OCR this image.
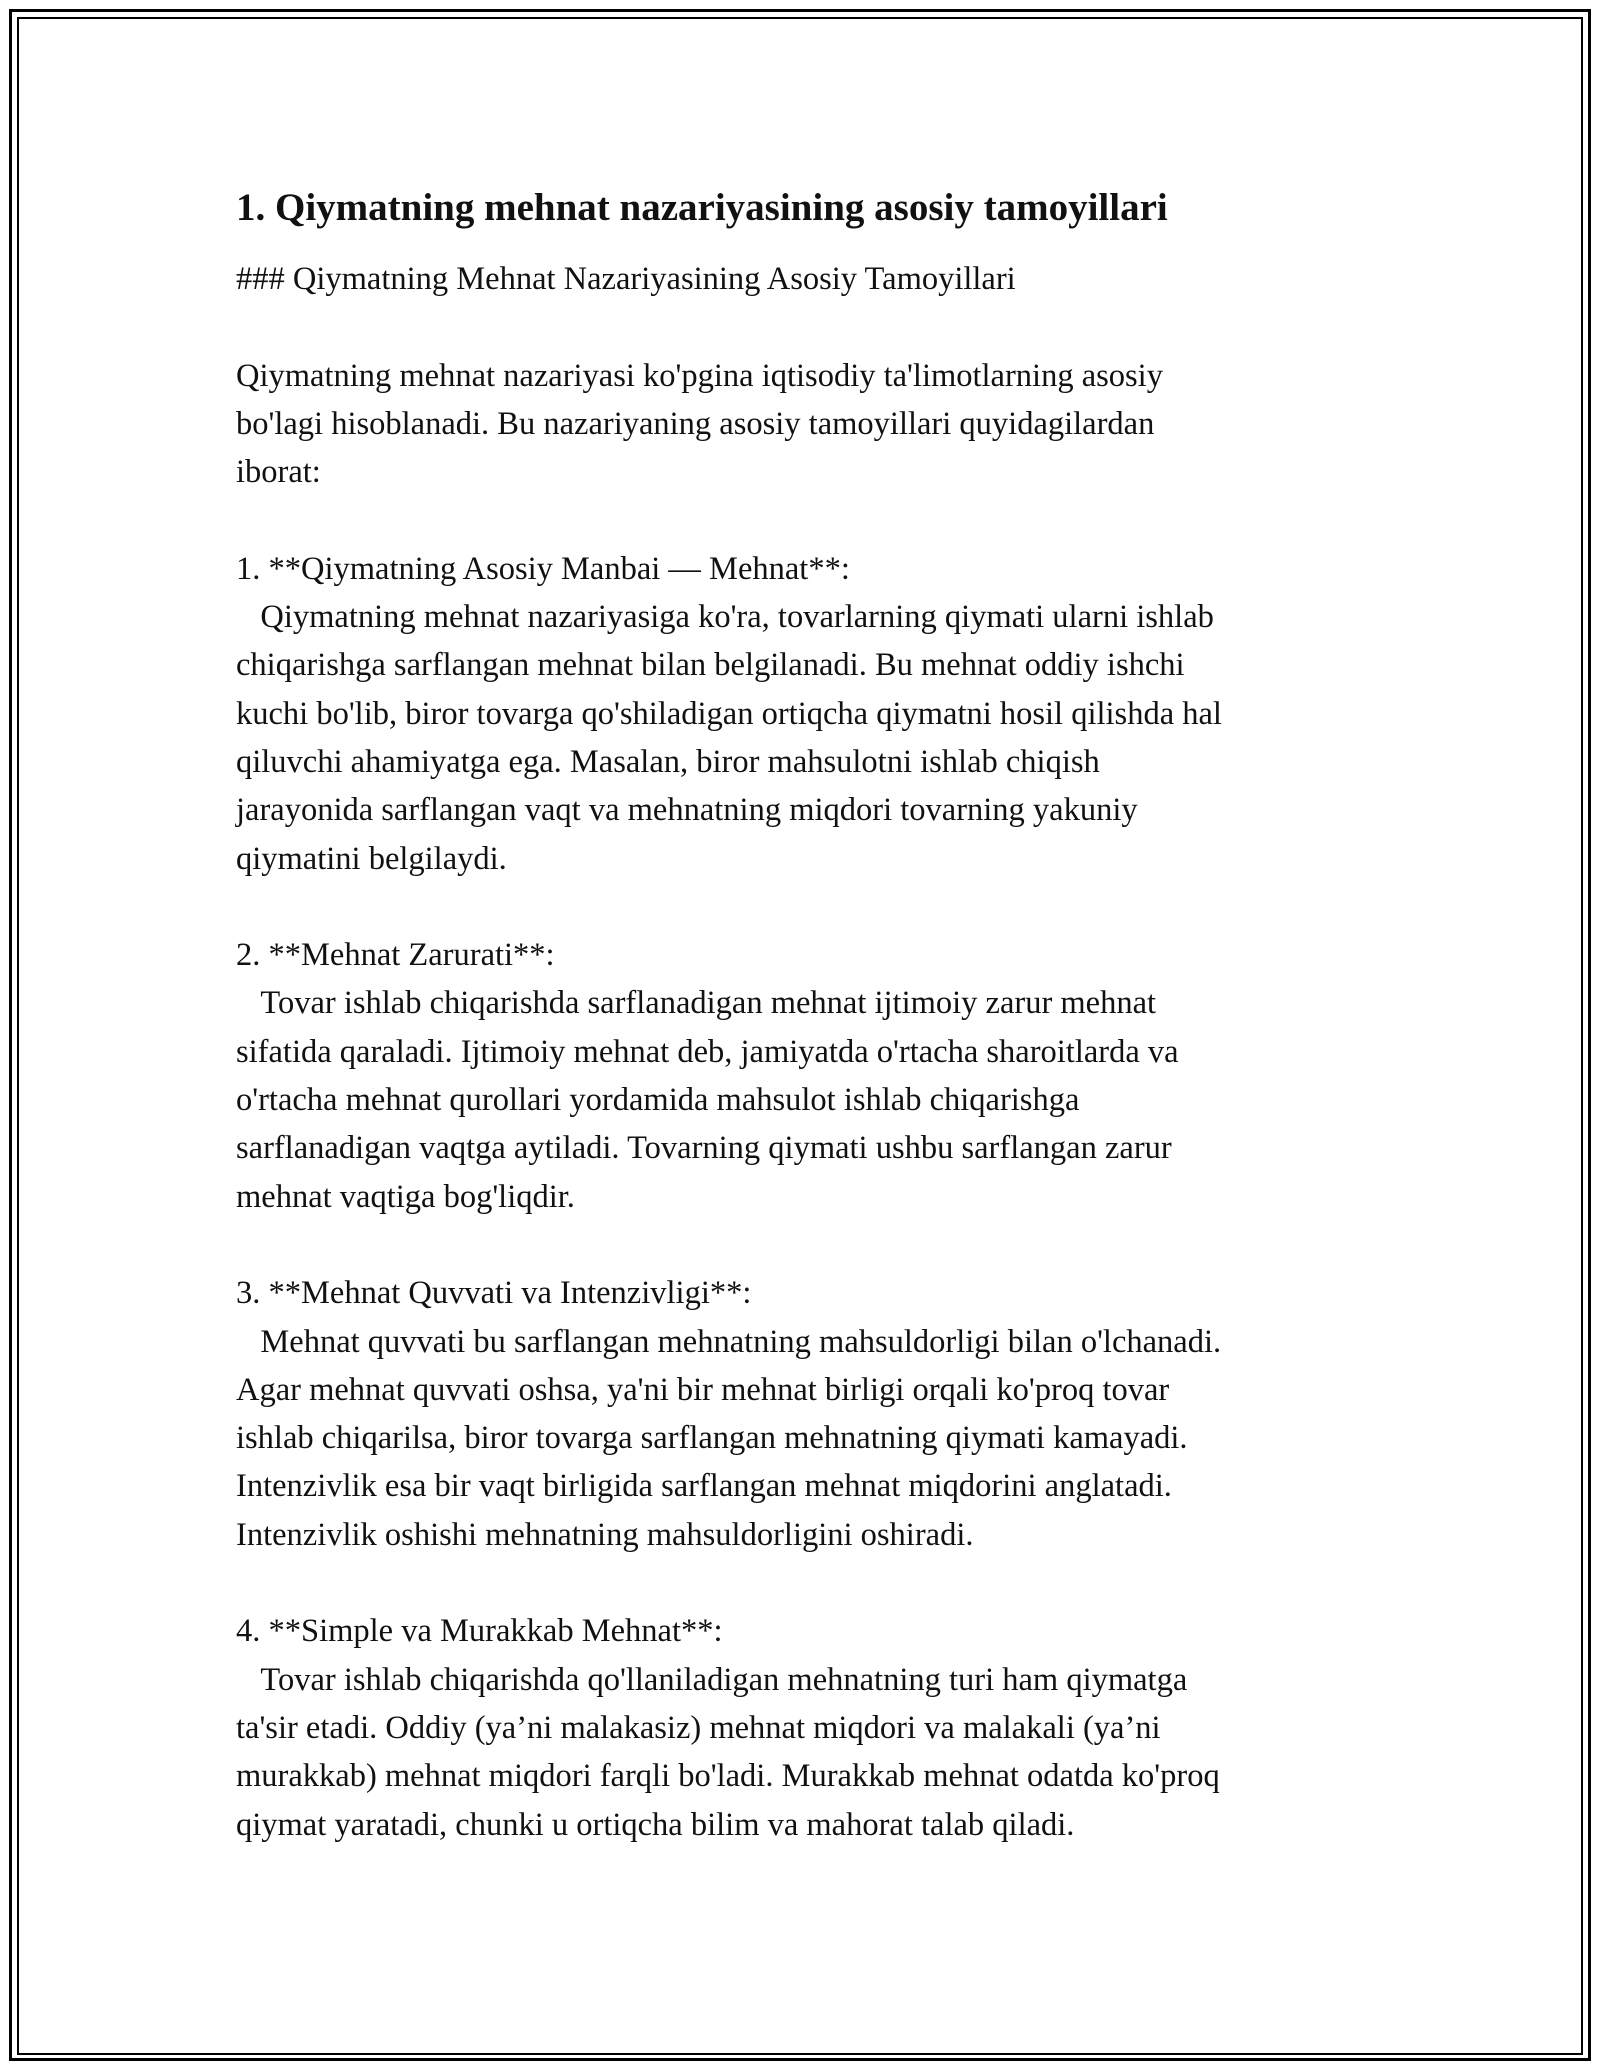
1. Qiymatning mehnat nazariyasining asosiy tamoyillari

### Qiymatning Mehnat Nazariyasining Asosiy Tamoyillari

Qiymatning mehnat nazariyasi ko'pgina iqtisodiy ta'limotlarning asosiy
bo'lagi hisoblanadi. Bu nazariyaning asosiy tamoyillari quyidagilardan
iborat:

1. **Qiymatning Asosiy Manbai — Mehnat**:

Qiymatning mehnat nazariyasiga ko'ra, tovarlarning qiymati ularni ishlab
chiqarishga sarflangan mehnat bilan belgilanadi. Bu mehnat oddiy ishchi
kuchi bo'lib, biror tovarga qo'shiladigan ortiqcha qiymatni hosil qilishda hal
qiluvchi ahamiyatga ega. Masalan, biror mahsulotni ishlab chiqish
jarayonida sarflangan vaqt va mehnatning miqdori tovarning yakuniy
qiymatini belgilaydi.

2. **Mehnat Zarurati**:

Tovar ishlab chiqarishda sarflanadigan mehnat ijtimoiy zarur mehnat
sifatida qaraladi. Ijtimoiy mehnat deb, jamiyatda o'rtacha sharoitlarda va
o'rtacha mehnat qurollari yordamida mahsulot ishlab chiqarishga
sarflanadigan vaqtga aytiladi. Tovarning qiymati ushbu sarflangan zarur
mehnat vaqtiga bog'liqdir.

3. **Mehnat Quvvati va Intenzivligi**:

Mehnat quvvati bu sarflangan mehnatning mahsuldorligi bilan o'lchanadi.
Agar mehnat quvvati oshsa, ya'ni bir mehnat birligi orqali ko'proq tovar
ishlab chiqarilsa, biror tovarga sarflangan mehnatning qiymati kamayadi.
Intenzivlik esa bir vaqt birligida sarflangan mehnat miqdorini anglatadi.
Intenzivlik oshishi mehnatning mahsuldorligini oshiradi.

4. **Simple va Murakkab Mehnat**:

Tovar ishlab chiqarishda qo'llaniladigan mehnatning turi ham qiymatga
ta'sir etadi. Oddiy (ya’ni malakasiz) mehnat miqdori va malakali (ya’ni
murakkab) mehnat miqdori farqli bo'ladi. Murakkab mehnat odatda ko'proq
qiymat yaratadi, chunki u ortiqcha bilim va mahorat talab qiladi.
